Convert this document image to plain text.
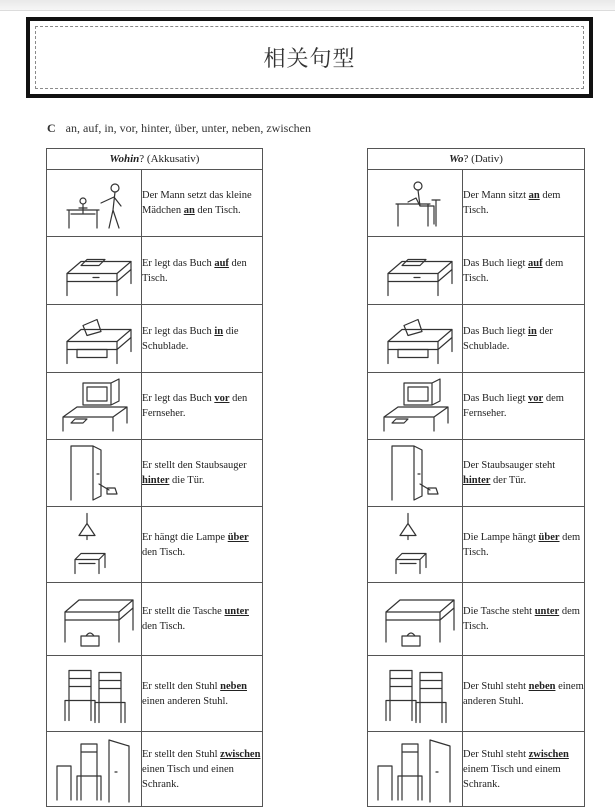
相关句型
C an, auf, in, vor, hinter, über, unter, neben, zwischen
Wohin? (Akkusativ)	

	Der Mann setzt das kleine Mädchen an den Tisch.

	Er legt das Buch auf den Tisch.

	Er legt das Buch in die Schublade.

	Er legt das Buch vor den Fernseher.

	Er stellt den Staubsauger hinter die Tür.

	Er hängt die Lampe über den Tisch.

	Er stellt die Tasche unter den Tisch.

	Er stellt den Stuhl neben einen anderen Stuhl.

	Er stellt den Stuhl zwischen einen Tisch und einen Schrank.
Wo? (Dativ)	

	Der Mann sitzt an dem Tisch.

	Das Buch liegt auf dem Tisch.

	Das Buch liegt in der Schublade.

	Das Buch liegt vor dem Fernseher.

	Der Staubsauger steht hinter der Tür.

	Die Lampe hängt über dem Tisch.

	Die Tasche steht unter dem Tisch.

	Der Stuhl steht neben einem anderen Stuhl.

	Der Stuhl steht zwischen einem Tisch und einem Schrank.
